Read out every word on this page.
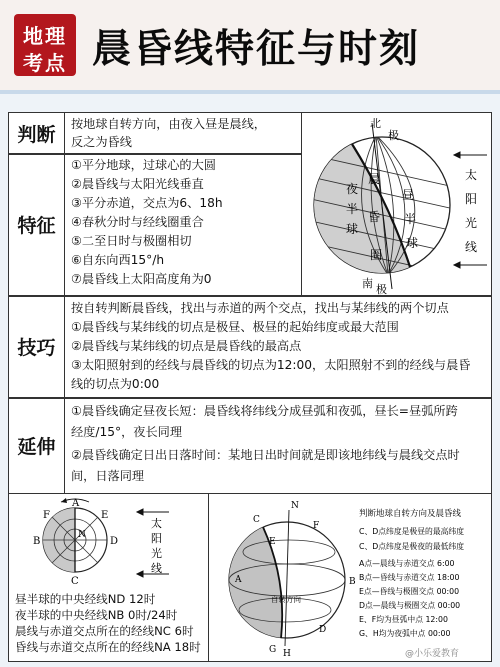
地理
考点 晨昏线特征与时刻
判断
特征
技巧
延伸
按地球自转方向，由夜入昼是晨线，
反之为昏线
①平分地球，过球心的大圆
②晨昏线与太阳光线垂直
③平分赤道，交点为6、18h
④春秋分时与经线圈重合
⑤二至日时与极圈相切
⑥自东向西15°/h
⑦晨昏线上太阳高度角为0
按自转判断晨昏线，找出与赤道的两个交点，找出与某纬线的两个切点
①晨昏线与某纬线的切点是极昼、极昼的起始纬度或最大范围
②晨昏线与某纬线的切点是晨昏线的最高点
③太阳照射到的经线与晨昏线的切点为12:00，太阳照射不到的经线与晨昏
线的切点为0:00
①晨昏线确定昼夜长短：晨昏线将纬线分成昼弧和夜弧，昼长=昼弧所跨
经度/15°，夜长同理
②晨昏线确定日出日落时间：某地日出时间就是即该地纬线与晨线交点时
间，日落同理
北
极
南 极
夜
半
球
晨
昏
圈
昼
半
球
太
阳
光
线
A
B
C
D
E
F
N
太
阳
光
线
昼半球的中央经线ND 12时
夜半球的中央经线NB 0时/24时
晨线与赤道交点所在的经线NC 6时
昏线与赤道交点所在的经线NA 18时
N
A	B
C
D
E
F
G H
自转方向
判断地球自转方向及晨昏线
C、D点纬度是极昼的最高纬度
C、D点纬度是极夜的最低纬度
A点—晨线与赤道交点 6:00
B点—昏线与赤道交点 18:00
E点—昏线与极圈交点 00:00
D点—晨线与极圈交点 00:00
E、F均为昼弧中点 12:00
G、H均为夜弧中点 00:00
@小乐爱教育
